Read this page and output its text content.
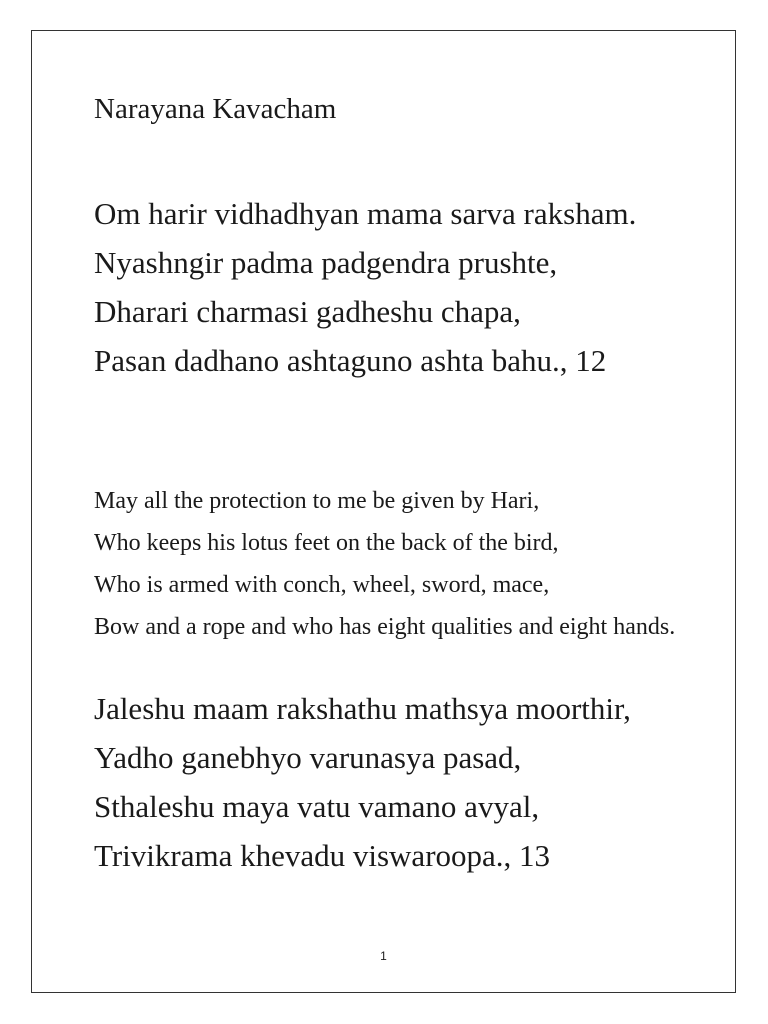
Narayana Kavacham

Om harir vidhadhyan mama sarva raksham.

Nyashngir padma padgendra prushte,

Dharari charmasi gadheshu chapa,

Pasan dadhano ashtaguno ashta bahu., 12

May all the protection to me be given by Hari,

Who keeps his lotus feet on the back of the bird,

Who is armed with conch, wheel, sword, mace,

Bow and a rope and who has eight qualities and eight hands.

Jaleshu maam rakshathu mathsya moorthir,

Yadho ganebhyo varunasya pasad,

Sthaleshu maya vatu vamano avyal,

Trivikrama khevadu viswaroopa., 13

1
